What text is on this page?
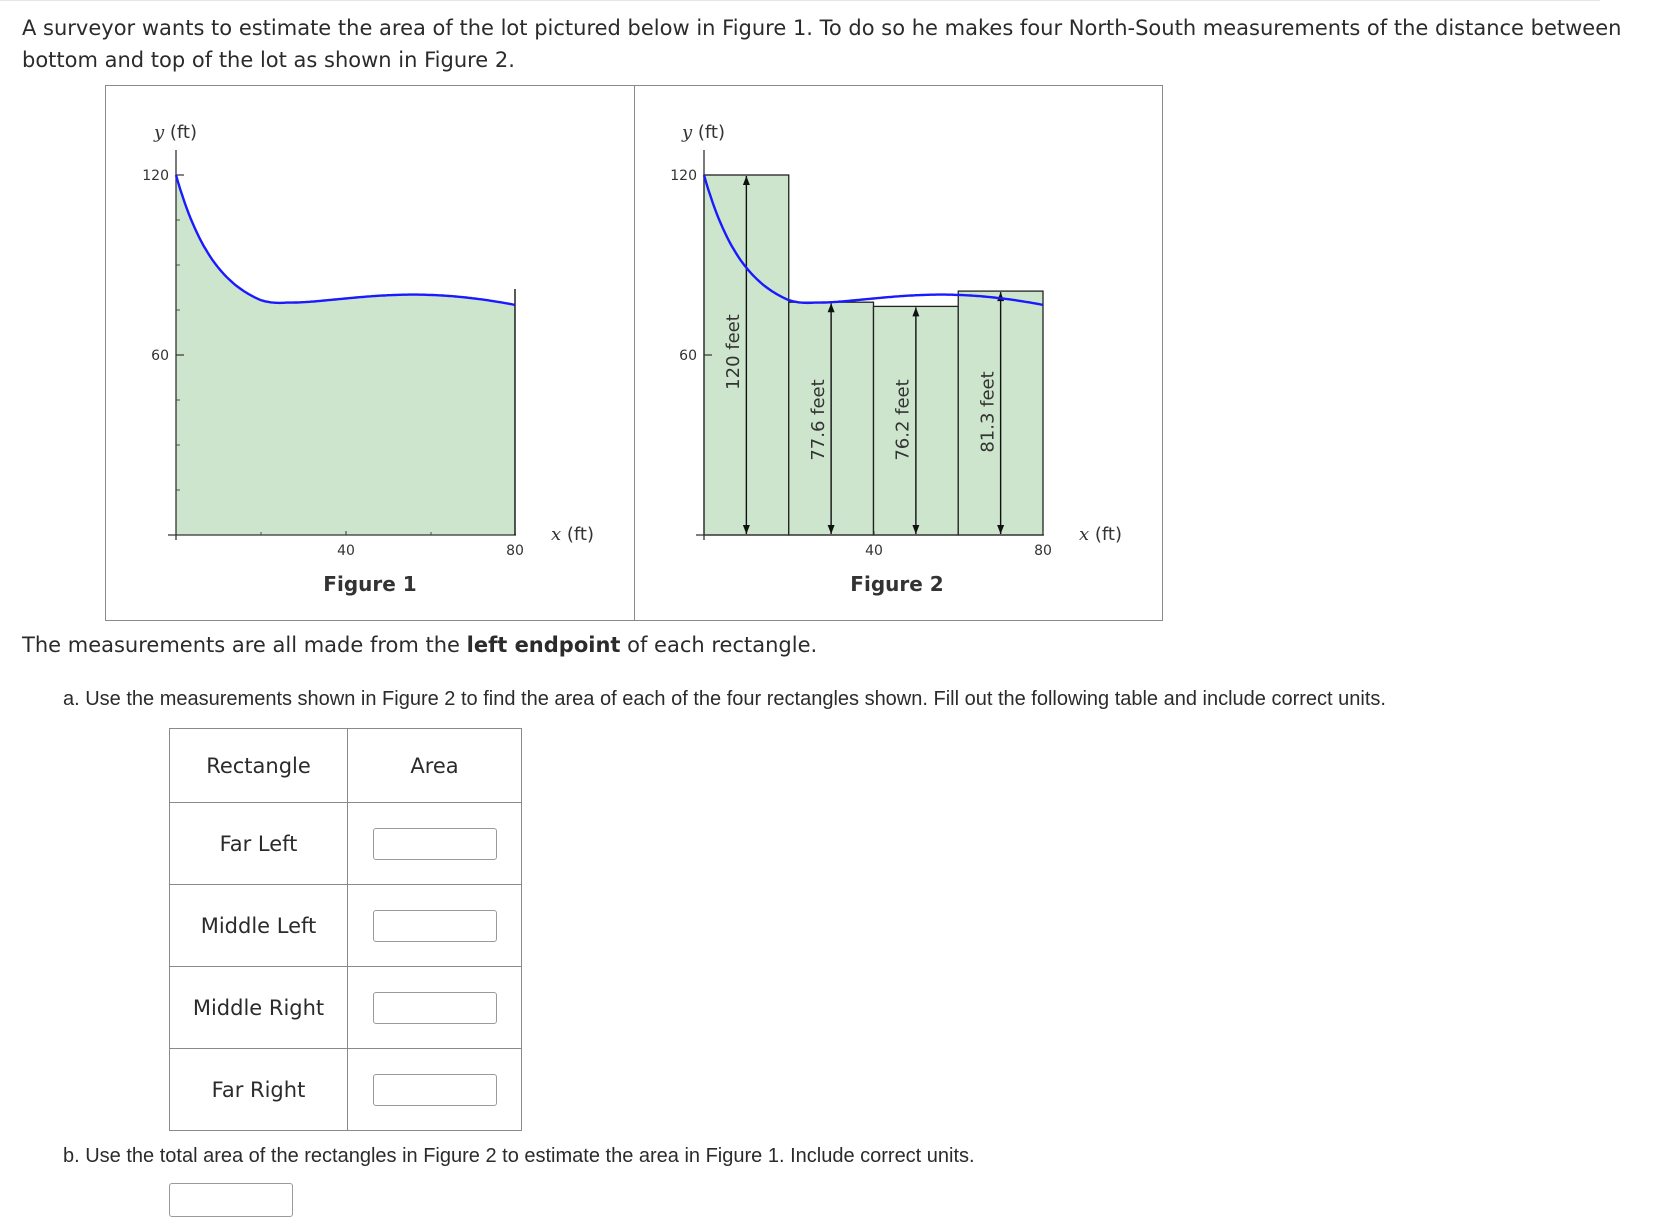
A surveyor wants to estimate the area of the lot pictured below in Figure 1. To do so he makes four North-South measurements of the distance between bottom and top of the lot as shown in Figure 2.
120
60
40	80
y (ft)
x (ft)
Figure 1
120 feet
77.6 feet	76.2 feet	81.3 feet
120
60
40	80
y (ft)
x (ft)
Figure 2
The measurements are all made from the left endpoint of each rectangle.
a. Use the measurements shown in Figure 2 to find the area of each of the four rectangles shown. Fill out the following table and include correct units.
Rectangle	Area
Far Left	

Middle Left	

Middle Right	

Far Right	
b. Use the total area of the rectangles in Figure 2 to estimate the area in Figure 1. Include correct units.
